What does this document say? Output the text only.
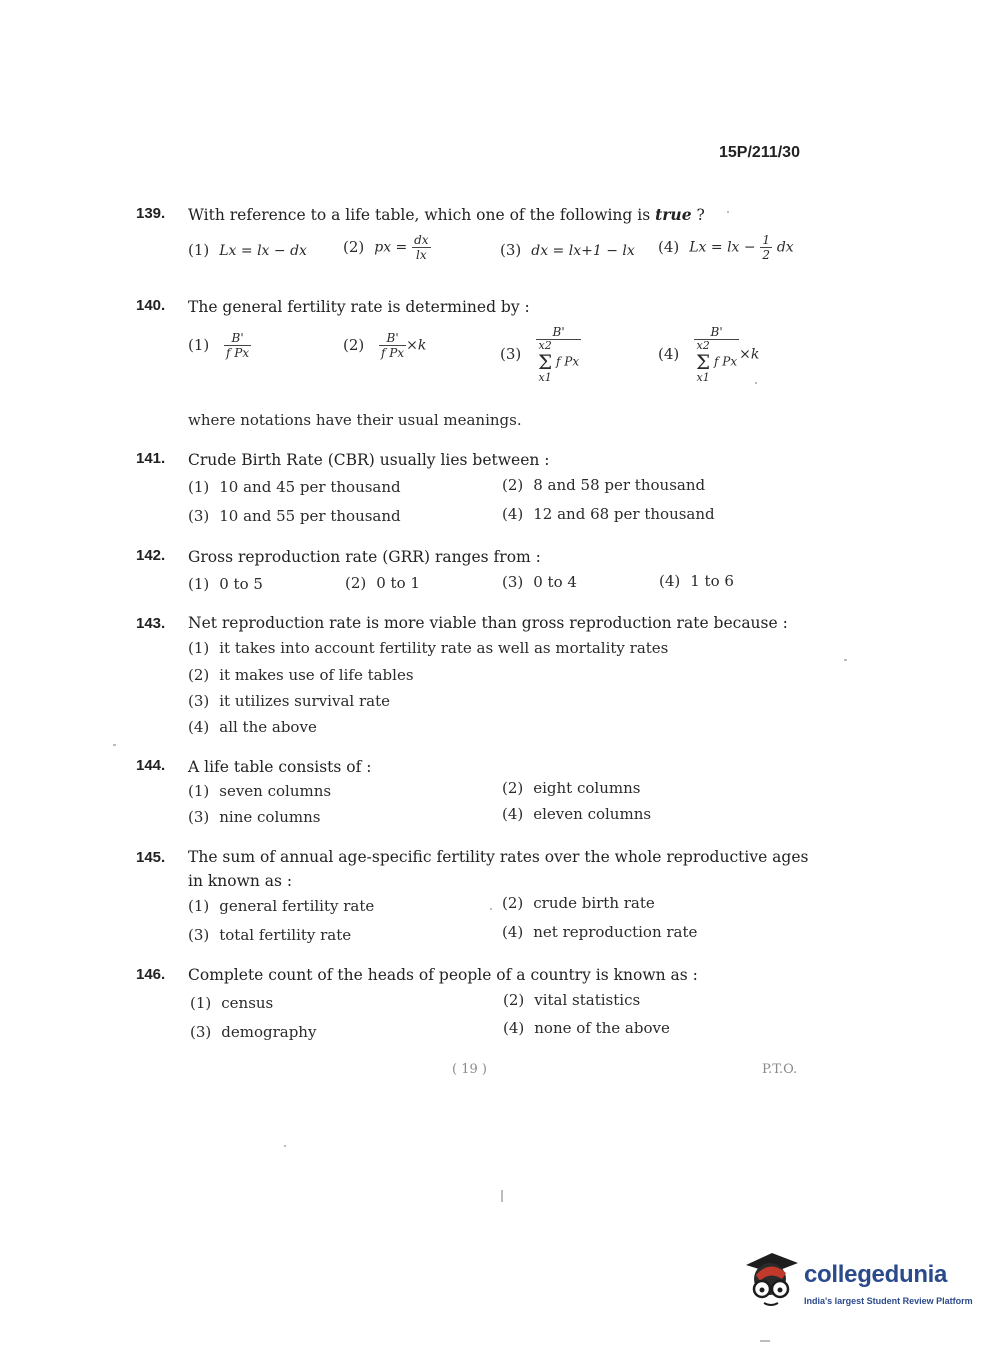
15P/211/30
139. With reference to a life table, which one of the following is true ?
(1) Lx = lx − dx (2) px = $\frac{dx}{lx}$	(3) dx = lx+1 − lx (4) Lx = lx − $\frac{1}{2}$ dx
140. The general fertility rate is determined by :
$(1) \frac{B'}{\text{f Px}}$	$(2) \frac{B'}{\text{f Px}} \times k$	(3) B'
x2
Σ
x1
f Px	(4) B'
x2
Σ
x1
f Px ×k
where notations have their usual meanings.
141. Crude Birth Rate (CBR) usually lies between :
(1) 10 and 45 per thousand	(2) 8 and 58 per thousand
(3) 10 and 55 per thousand	(4) 12 and 68 per thousand
142. Gross reproduction rate (GRR) ranges from :
(1) 0 to 5	(2) 0 to 1	(3) 0 to 4	(4) 1 to 6
143. Net reproduction rate is more viable than gross reproduction rate because :
(1) it takes into account fertility rate as well as mortality rates
(2) it makes use of life tables
(3) it utilizes survival rate
(4) all the above
144. A life table consists of :
(1) seven columns	(2) eight columns
(3) nine columns	(4) eleven columns
145. The sum of annual age-specific fertility rates over the whole reproductive ages in known as :
(1) general fertility rate	(2) crude birth rate
(3) total fertility rate	(4) net reproduction rate
146. Complete count of the heads of people of a country is known as :
(1) census	(2) vital statistics
(3) demography	(4) none of the above
( 19 )	P.T.O.
collegedunia
India's largest Student Review Platform
